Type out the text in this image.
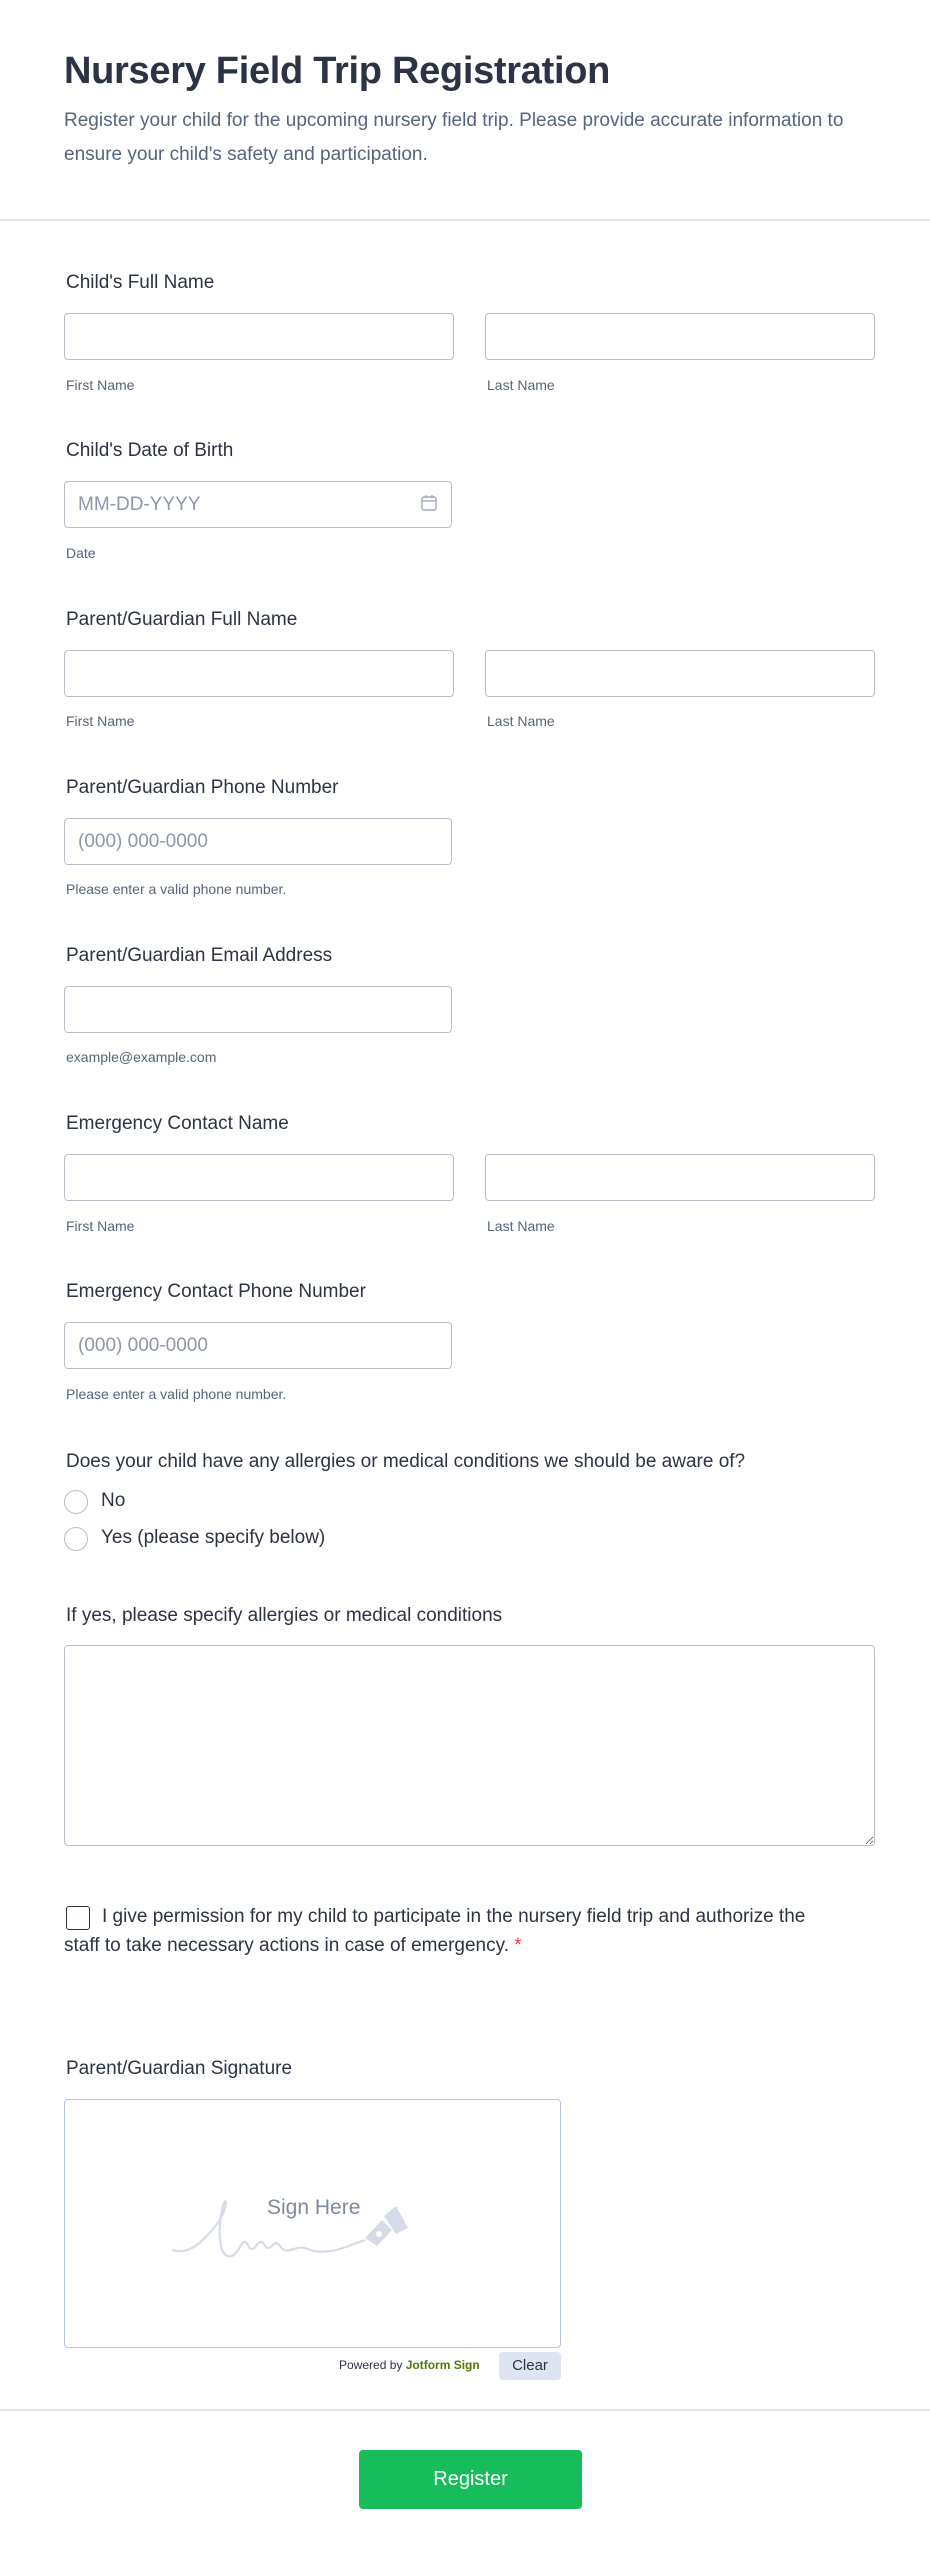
Nursery Field Trip Registration
Register your child for the upcoming nursery field trip. Please provide accurate information to ensure your child's safety and participation.
Child's Full Name
First Name	Last Name
Child's Date of Birth
MM-DD-YYYY
Date
Parent/Guardian Full Name
First Name	Last Name
Parent/Guardian Phone Number
(000) 000-0000
Please enter a valid phone number.
Parent/Guardian Email Address
example@example.com
Emergency Contact Name
First Name	Last Name
Emergency Contact Phone Number
(000) 000-0000
Please enter a valid phone number.
Does your child have any allergies or medical conditions we should be aware of?
No
Yes (please specify below)
If yes, please specify allergies or medical conditions
I give permission for my child to participate in the nursery field trip and authorize the staff to take necessary actions in case of emergency. *
Parent/Guardian Signature
Sign Here
Powered by Jotform Sign	Clear
Register
